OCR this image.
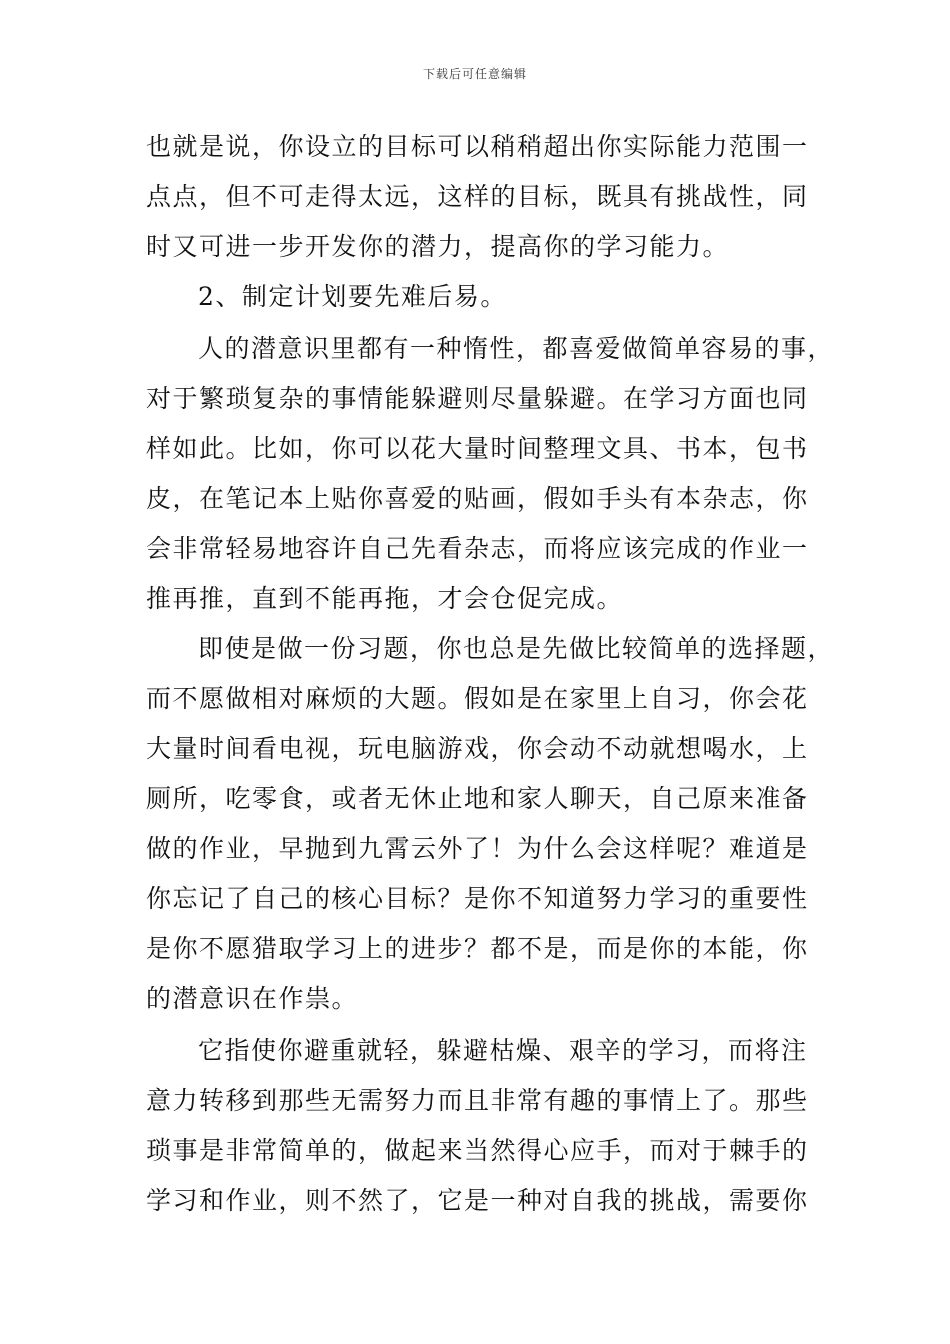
下载后可任意编辑
也就是说，你设立的目标可以稍稍超出你实际能力范围一
点点，但不可走得太远，这样的目标，既具有挑战性，同
时又可进一步开发你的潜力，提高你的学习能力。
2、制定计划要先难后易。
人的潜意识里都有一种惰性，都喜爱做简单容易的事，
对于繁琐复杂的事情能躲避则尽量躲避。在学习方面也同
样如此。比如，你可以花大量时间整理文具、书本，包书
皮，在笔记本上贴你喜爱的贴画，假如手头有本杂志，你
会非常轻易地容许自己先看杂志，而将应该完成的作业一
推再推，直到不能再拖，才会仓促完成。
即使是做一份习题，你也总是先做比较简单的选择题，
而不愿做相对麻烦的大题。假如是在家里上自习，你会花
大量时间看电视，玩电脑游戏，你会动不动就想喝水，上
厕所，吃零食，或者无休止地和家人聊天，自己原来准备
做的作业，早抛到九霄云外了！为什么会这样呢？难道是
你忘记了自己的核心目标？是你不知道努力学习的重要性
是你不愿猎取学习上的进步？都不是，而是你的本能，你
的潜意识在作祟。
它指使你避重就轻，躲避枯燥、艰辛的学习，而将注
意力转移到那些无需努力而且非常有趣的事情上了。那些
琐事是非常简单的，做起来当然得心应手，而对于棘手的
学习和作业，则不然了，它是一种对自我的挑战，需要你
